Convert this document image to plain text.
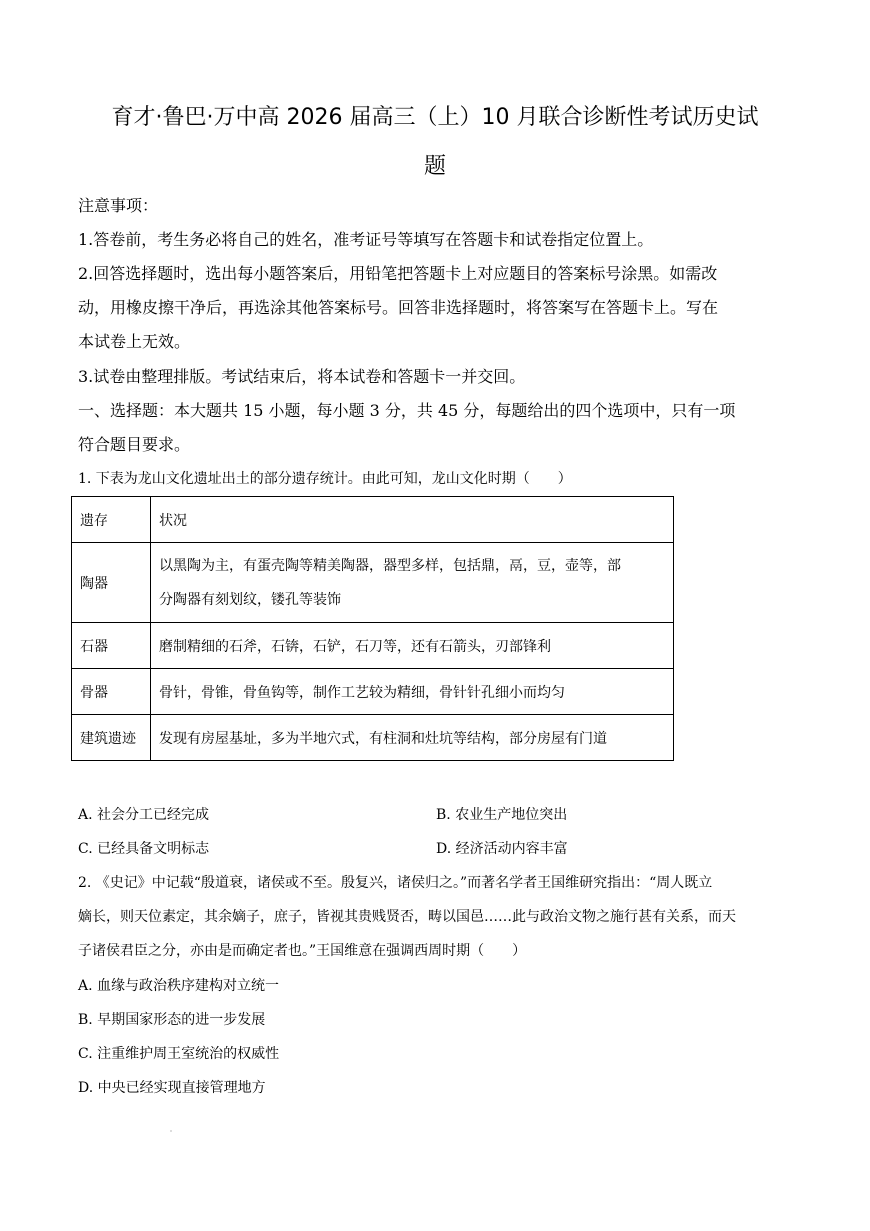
育才·鲁巴·万中高 2026 届高三（上）10 月联合诊断性考试历史试
题
注意事项：
1.答卷前，考生务必将自己的姓名，准考证号等填写在答题卡和试卷指定位置上。
2.回答选择题时，选出每小题答案后，用铅笔把答题卡上对应题目的答案标号涂黑。如需改
动，用橡皮擦干净后，再选涂其他答案标号。回答非选择题时，将答案写在答题卡上。写在
本试卷上无效。
3.试卷由整理排版。考试结束后，将本试卷和答题卡一并交回。
一、选择题：本大题共 15 小题，每小题 3 分，共 45 分，每题给出的四个选项中，只有一项
符合题目要求。
1. 下表为龙山文化遗址出土的部分遗存统计。由此可知，龙山文化时期（　　）
遗存	状况
陶器	以黑陶为主，有蛋壳陶等精美陶器，器型多样，包括鼎，鬲，豆，壶等，部
分陶器有刻划纹，镂孔等装饰

石器	磨制精细的石斧，石锛，石铲，石刀等，还有石箭头，刃部锋利
骨器	骨针，骨锥，骨鱼钩等，制作工艺较为精细，骨针针孔细小而均匀
建筑遗迹	发现有房屋基址，多为半地穴式，有柱洞和灶坑等结构，部分房屋有门道
A. 社会分工已经完成	B. 农业生产地位突出
C. 已经具备文明标志	D. 经济活动内容丰富
2. 《史记》中记载“殷道衰，诸侯或不至。殷复兴，诸侯归之。”而著名学者王国维研究指出：“周人既立
嫡长，则天位素定，其余嫡子，庶子，皆视其贵贱贤否，畴以国邑……此与政治文物之施行甚有关系，而天
子诸侯君臣之分，亦由是而确定者也。”王国维意在强调西周时期（　　）
A. 血缘与政治秩序建构对立统一
B. 早期国家形态的进一步发展
C. 注重维护周王室统治的权威性
D. 中央已经实现直接管理地方
